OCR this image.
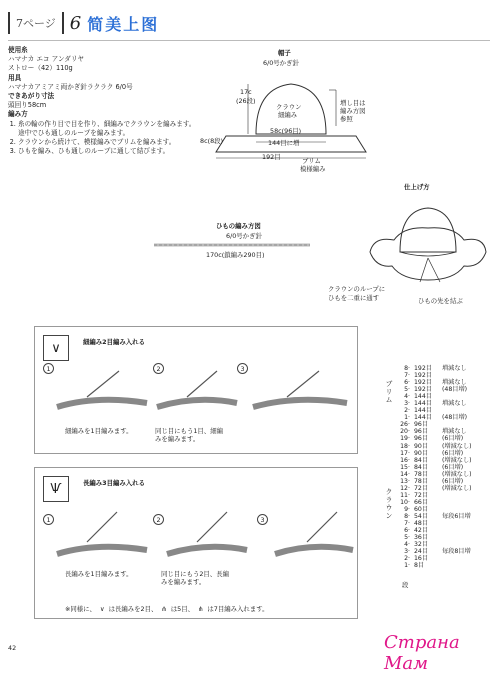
7ページ 6 简美上图
使用糸
ハマナカ エコ アンダリヤ
ストロー（42）110g
用具
ハマナカアミアミ両かぎ針ラクラク 6/0号
できあがり寸法
頭回り58cm
編み方
1. 糸の輪の作り目で目を作り、細編みでクラウンを編みます。途中でひも通しのループを編みます。
2. クラウンから続けて、模様編みでブリムを編みます。
3. ひもを編み、ひも通しのループに通して結びます。
帽子
6/0号かぎ針
17c
(26段)
クラウン
細編み
増し目は
編み方図
参照
58c(96目)
8c(8段)	144目に増
192目	ブリム
模様編み
仕上げ方
クラウンのループに
ひもを二重に通す	ひもの先を結ぶ
ひもの編み方図
6/0号かぎ針
170c(鎖編み290目)
∨	細編み2目編み入れる
1	2	3
細編みを1目編みます。	同じ目にもう1目、細編みを編みます。
Ѱ	長編み3目編み入れる
1	2	3
長編みを1目編みます。	同じ目にもう2目、長編みを編みます。
※同様に、 ∨ は長編みを2目、 ⋔ は5目、 ⋔ は7目編み入れます。
ブリム
クラウン
8 · 192目	増減なし
7 · 192目
6 · 192目	増減なし
5 · 192目	(48目増)
4 · 144目
3 · 144目	増減なし
2 · 144目
1 · 144目	(48目増)
26 · 96目
20 · 96目	増減なし
19 · 96目	(6目増)
18 · 90目	(増減なし)
17 · 90目	(6目増)
16 · 84目	(増減なし)
15 · 84目	(6目増)
14 · 78目	(増減なし)
13 · 78目	(6目増)
12 · 72目	(増減なし)
11 · 72目
10 · 66目
9 · 60目
8 · 54目	毎段6目増
7 · 48目
6 · 42目
5 · 36目
4 · 32目
3 · 24目	毎段8目増
2 · 16目
1 · 8目
段
42	Страна Мам
